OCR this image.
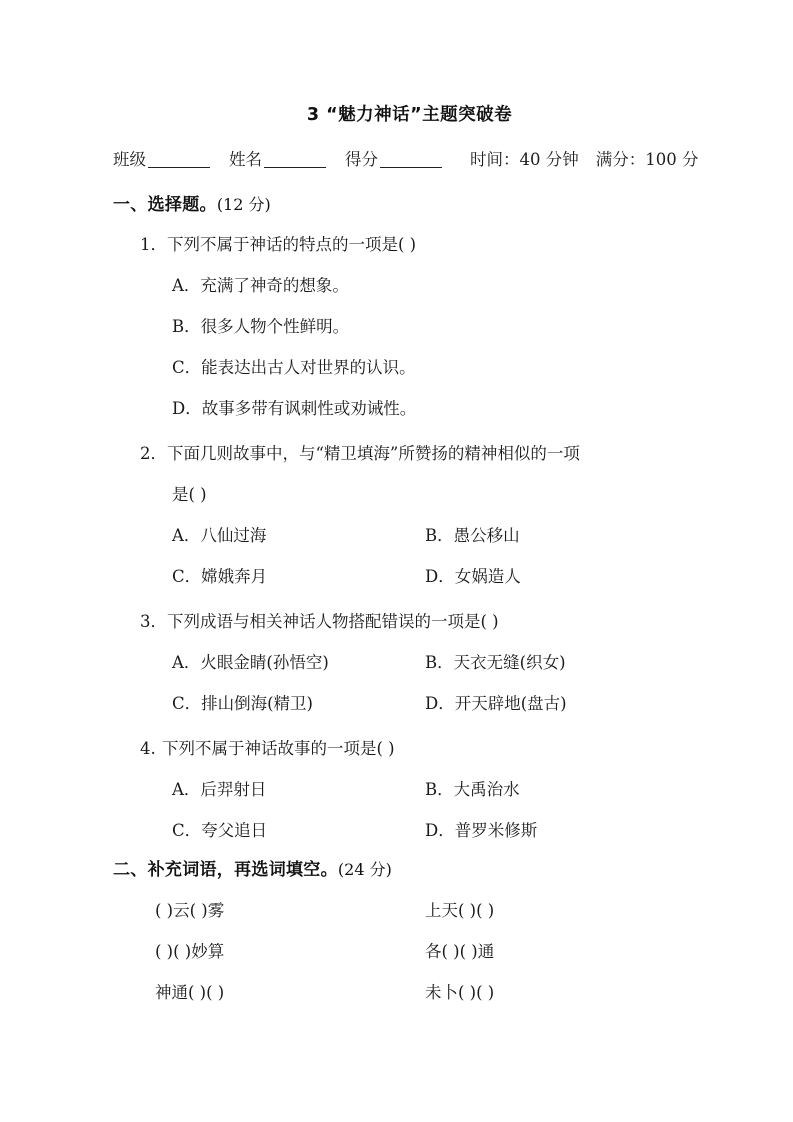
3 “魅力神话”主题突破卷
班级	姓名	得分	时间：40 分钟 满分：100 分
一、选择题。(12 分)
1．下列不属于神话的特点的一项是( )
A．充满了神奇的想象。
B．很多人物个性鲜明。
C．能表达出古人对世界的认识。
D．故事多带有讽刺性或劝诫性。
2．下面几则故事中，与“精卫填海”所赞扬的精神相似的一项
是( )
A．八仙过海	B．愚公移山
C．嫦娥奔月	D．女娲造人
3．下列成语与相关神话人物搭配错误的一项是( )
A．火眼金睛(孙悟空)	B．天衣无缝(织女)
C．排山倒海(精卫)	D．开天辟地(盘古)
4. 下列不属于神话故事的一项是( )
A．后羿射日	B．大禹治水
C．夸父追日	D．普罗米修斯
二、补充词语，再选词填空。(24 分)
( )云( )雾	上天( )( )
( )( )妙算	各( )( )通
神通( )( )	未卜( )( )
